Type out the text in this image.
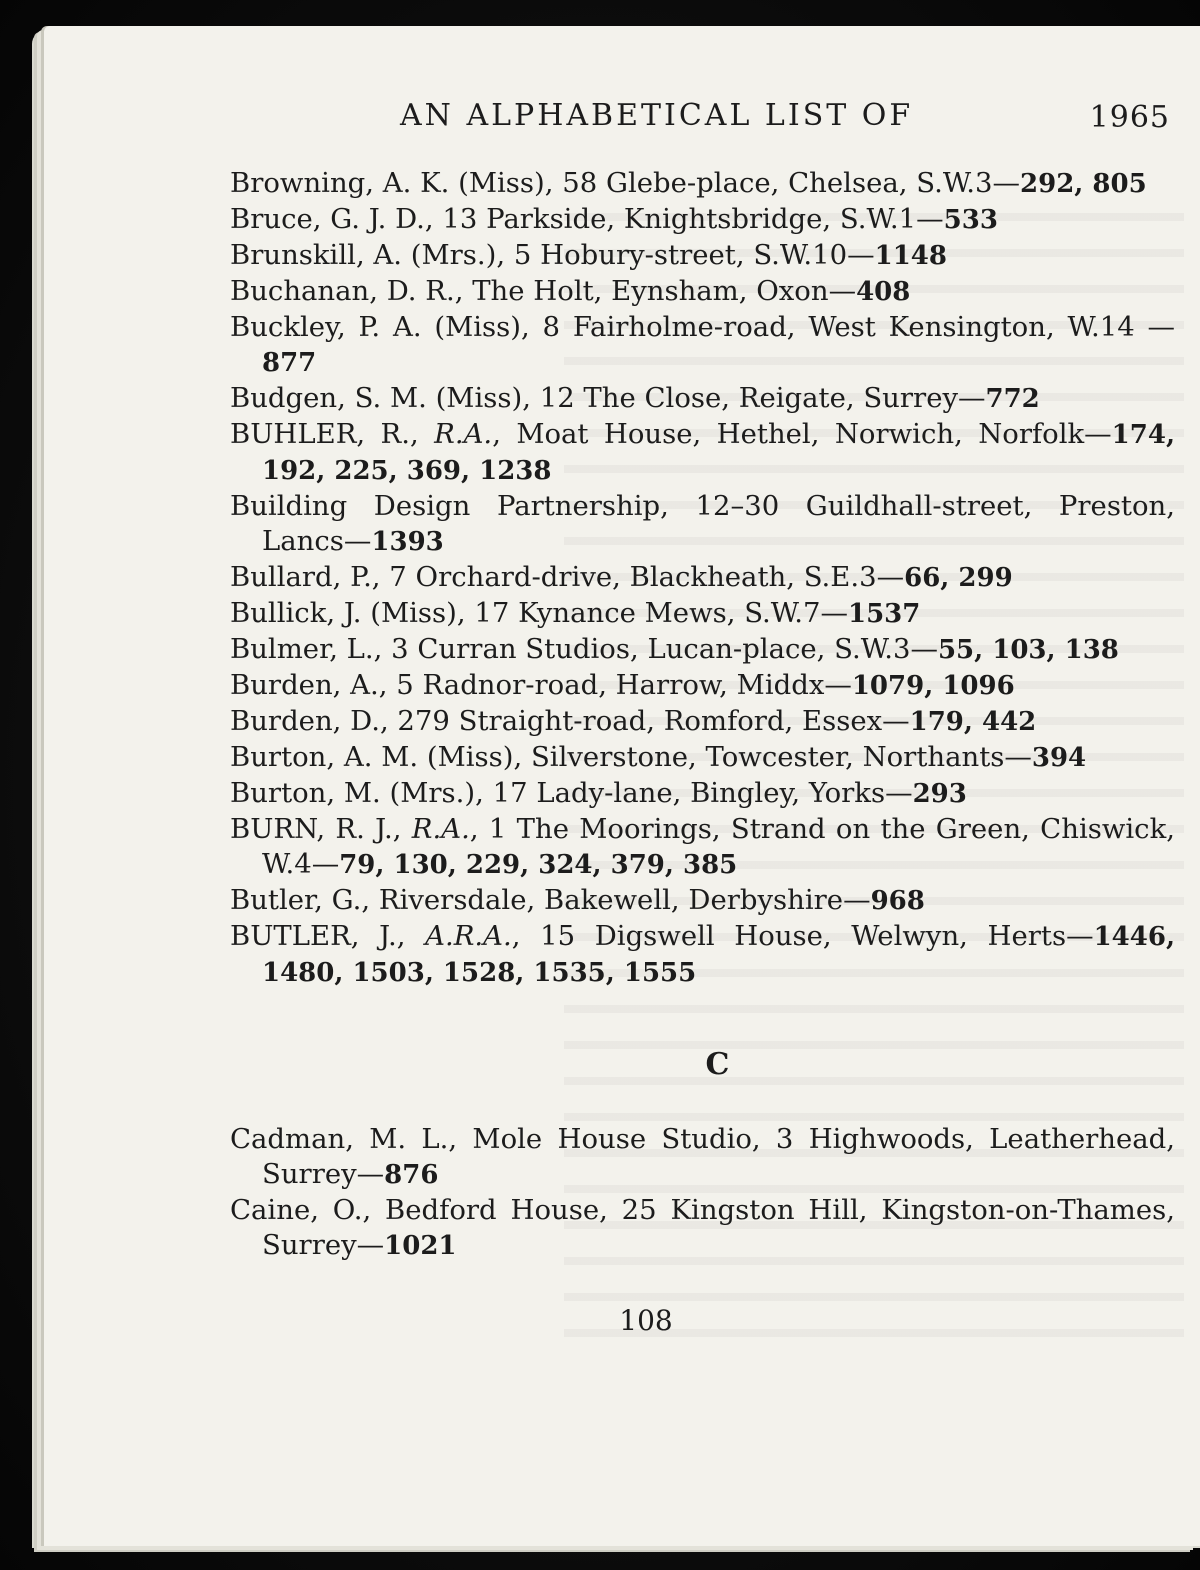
AN ALPHABETICAL LIST OF	1965

Browning, A. K. (Miss), 58 Glebe-place, Chelsea, S.W.3—292, 805

Bruce, G. J. D., 13 Parkside, Knightsbridge, S.W.1—533

Brunskill, A. (Mrs.), 5 Hobury-street, S.W.10—1148

Buchanan, D. R., The Holt, Eynsham, Oxon—408

Buckley, P. A. (Miss), 8 Fairholme-road, West Kensington, W.14 —877

Budgen, S. M. (Miss), 12 The Close, Reigate, Surrey—772

BUHLER, R., R.A., Moat House, Hethel, Norwich, Norfolk—174, 192, 225, 369, 1238

Building Design Partnership, 12–30 Guildhall-street, Preston, Lancs—1393

Bullard, P., 7 Orchard-drive, Blackheath, S.E.3—66, 299

Bullick, J. (Miss), 17 Kynance Mews, S.W.7—1537

Bulmer, L., 3 Curran Studios, Lucan-place, S.W.3—55, 103, 138

Burden, A., 5 Radnor-road, Harrow, Middx—1079, 1096

Burden, D., 279 Straight-road, Romford, Essex—179, 442

Burton, A. M. (Miss), Silverstone, Towcester, Northants—394

Burton, M. (Mrs.), 17 Lady-lane, Bingley, Yorks—293

BURN, R. J., R.A., 1 The Moorings, Strand on the Green, Chiswick, W.4—79, 130, 229, 324, 379, 385

Butler, G., Riversdale, Bakewell, Derbyshire—968

BUTLER, J., A.R.A., 15 Digswell House, Welwyn, Herts—1446, 1480, 1503, 1528, 1535, 1555

C

Cadman, M. L., Mole House Studio, 3 Highwoods, Leatherhead, Surrey—876

Caine, O., Bedford House, 25 Kingston Hill, Kingston-on-Thames, Surrey—1021

108
